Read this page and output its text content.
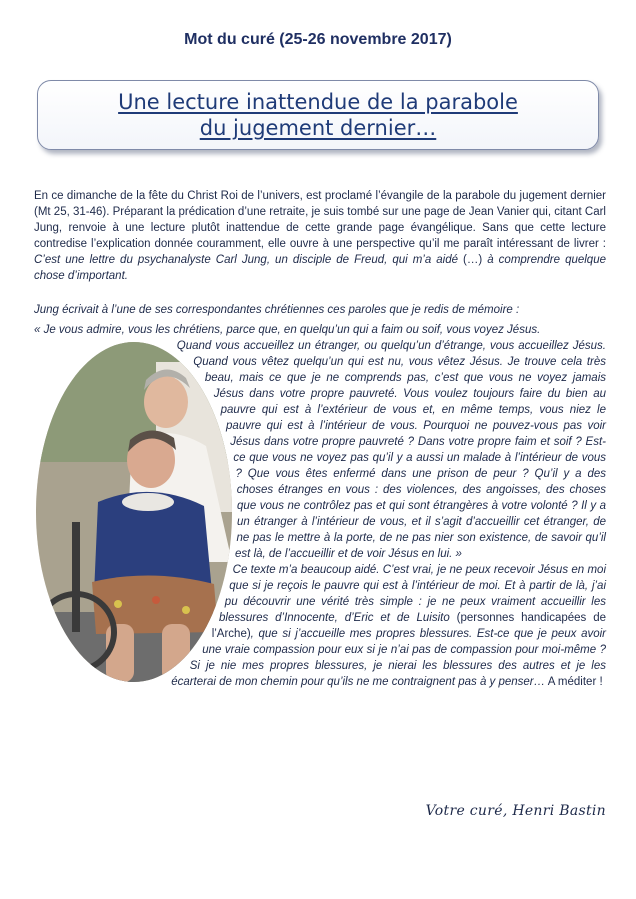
Mot du curé (25-26 novembre 2017)
Une lecture inattendue de la parabole
du jugement dernier…

En ce dimanche de la fête du Christ Roi de l’univers, est proclamé l’évangile de la parabole du jugement dernier (Mt 25, 31-46). Préparant la prédication d’une retraite, je suis tombé sur une page de Jean Vanier qui, citant Carl Jung, renvoie à une lecture plutôt inattendue de cette grande page évangélique. Sans que cette lecture contredise l’explication donnée couramment, elle ouvre à une perspective qu’il me paraît intéressant de livrer : C’est une lettre du psychanalyste Carl Jung, un disciple de Freud, qui m’a aidé (…) à comprendre quelque chose d’important.

Jung écrivait à l’une de ses correspondantes chrétiennes ces paroles que je redis de mémoire :

« Je vous admire, vous les chrétiens, parce que, en quelqu’un qui a faim ou soif, vous voyez Jésus.

Quand vous accueillez un étranger, ou quelqu’un d’étrange, vous accueillez Jésus. Quand vous vêtez quelqu’un qui est nu, vous vêtez Jésus. Je trouve cela très beau, mais ce que je ne comprends pas, c’est que vous ne voyez jamais Jésus dans votre propre pauvreté. Vous voulez toujours faire du bien au pauvre qui est à l’extérieur de vous et, en même temps, vous niez le pauvre qui est à l’intérieur de vous. Pourquoi ne pouvez-vous pas voir Jésus dans votre propre pauvreté ? Dans votre propre faim et soif ? Est-ce que vous ne voyez pas qu’il y a aussi un malade à l’intérieur de vous ? Que vous êtes enfermé dans une prison de peur ? Qu’il y a des choses étranges en vous : des violences, des angoisses, des choses que vous ne contrôlez pas et qui sont étrangères à votre volonté ? Il y a un étranger à l’intérieur de vous, et il s’agit d’accueillir cet étranger, de ne pas le mettre à la porte, de ne pas nier son existence, de savoir qu’il est là, de l’accueillir et de voir Jésus en lui. »
Ce texte m’a beaucoup aidé. C’est vrai, je ne peux recevoir Jésus en moi que si je reçois le pauvre qui est à l’intérieur de moi. Et à partir de là, j’ai pu découvrir une vérité très simple : je ne peux vraiment accueillir les blessures d’Innocente, d’Eric et de Luisito (personnes handicapées de l’Arche), que si j’accueille mes propres blessures. Est-ce que je peux avoir une vraie compassion pour eux si je n’ai pas de compassion pour moi-même ? Si je nie mes propres blessures, je nierai les blessures des autres et je les écarterai de mon chemin pour qu’ils ne me contraignent pas à y penser… A méditer !

Votre curé, Henri Bastin
